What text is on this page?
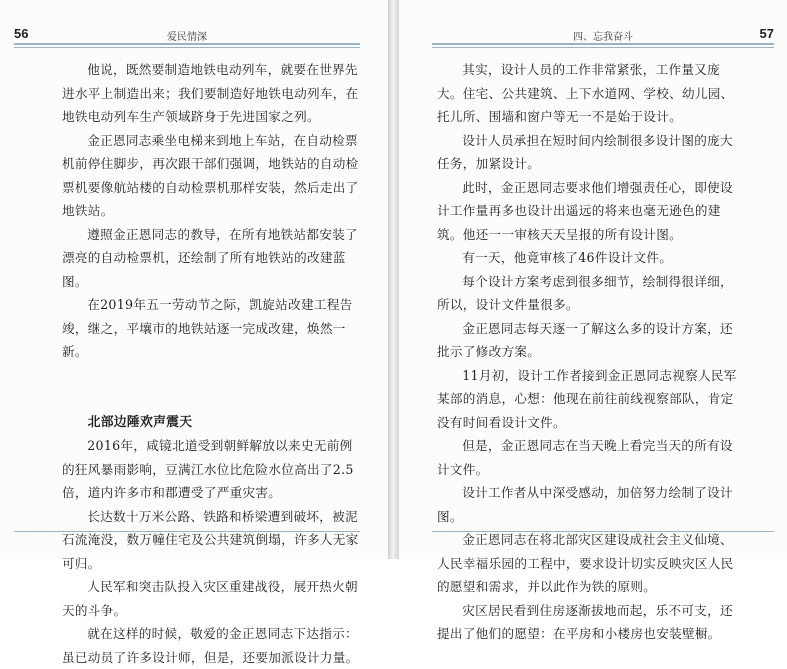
56	爱民情深

他说，既然要制造地铁电动列车，就要在世界先进水平上制造出来；我们要制造好地铁电动列车，在地铁电动列车生产领域跻身于先进国家之列。

金正恩同志乘坐电梯来到地上车站，在自动检票机前停住脚步，再次跟干部们强调，地铁站的自动检票机要像航站楼的自动检票机那样安装，然后走出了地铁站。

遵照金正恩同志的教导，在所有地铁站都安装了漂亮的自动检票机，还绘制了所有地铁站的改建蓝图。

在2019年五一劳动节之际，凯旋站改建工程告竣，继之，平壤市的地铁站逐一完成改建，焕然一新。

北部边陲欢声震天

2016年，咸镜北道受到朝鲜解放以来史无前例的狂风暴雨影响，豆满江水位比危险水位高出了2.5倍，道内许多市和郡遭受了严重灾害。

长达数十万米公路、铁路和桥梁遭到破坏，被泥石流淹没，数万幢住宅及公共建筑倒塌，许多人无家可归。

人民军和突击队投入灾区重建战役，展开热火朝天的斗争。

就在这样的时候，敬爱的金正恩同志下达指示：虽已动员了许多设计师，但是，还要加派设计力量。

四、忘我奋斗	57

其实，设计人员的工作非常紧张，工作量又庞大。住宅、公共建筑、上下水道网、学校、幼儿园、托儿所、围墙和窗户等无一不是始于设计。

设计人员承担在短时间内绘制很多设计图的庞大任务，加紧设计。

此时，金正恩同志要求他们增强责任心，即使设计工作量再多也设计出遥远的将来也毫无逊色的建筑。他还一一审核天天呈报的所有设计图。

有一天，他竟审核了46件设计文件。

每个设计方案考虑到很多细节，绘制得很详细，所以，设计文件量很多。

金正恩同志每天逐一了解这么多的设计方案，还批示了修改方案。

11月初，设计工作者接到金正恩同志视察人民军某部的消息，心想：他现在前往前线视察部队，肯定没有时间看设计文件。

但是，金正恩同志在当天晚上看完当天的所有设计文件。

设计工作者从中深受感动，加倍努力绘制了设计图。

金正恩同志在将北部灾区建设成社会主义仙境、人民幸福乐园的工程中，要求设计切实反映灾区人民的愿望和需求，并以此作为铁的原则。

灾区居民看到住房逐渐拔地而起，乐不可支，还提出了他们的愿望：在平房和小楼房也安装壁橱。
